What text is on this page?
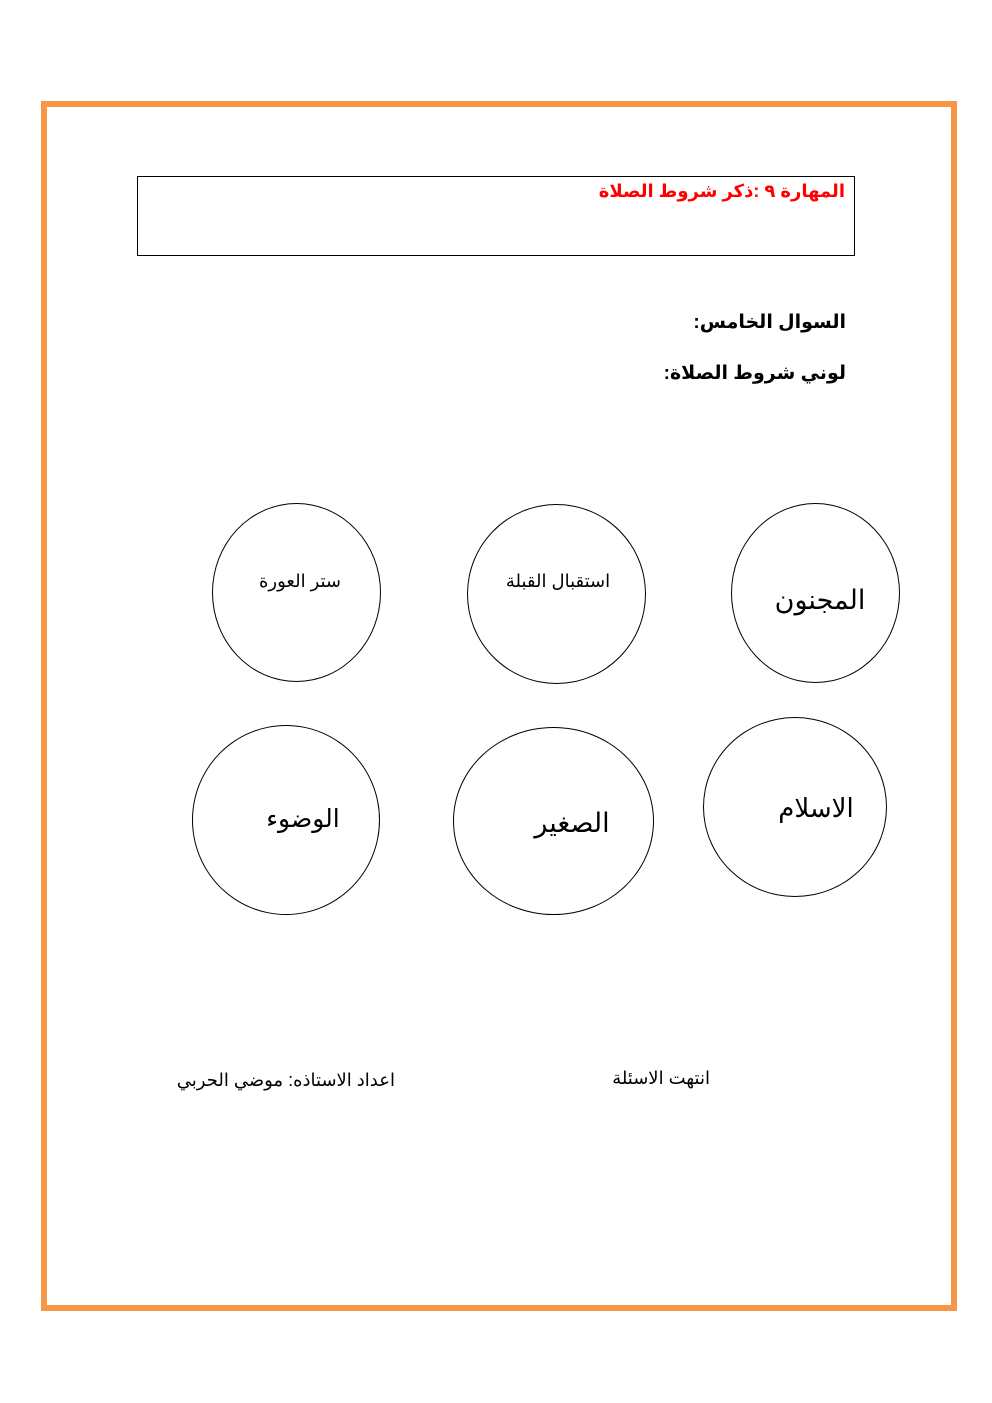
المهارة ٩ :ذكر شروط الصلاة
السوال الخامس:
لوني شروط الصلاة:
المجنون
استقبال القبلة
ستر العورة
الاسلام
الصغير
الوضوء
انتهت الاسئلة
اعداد الاستاذه: موضي الحربي
